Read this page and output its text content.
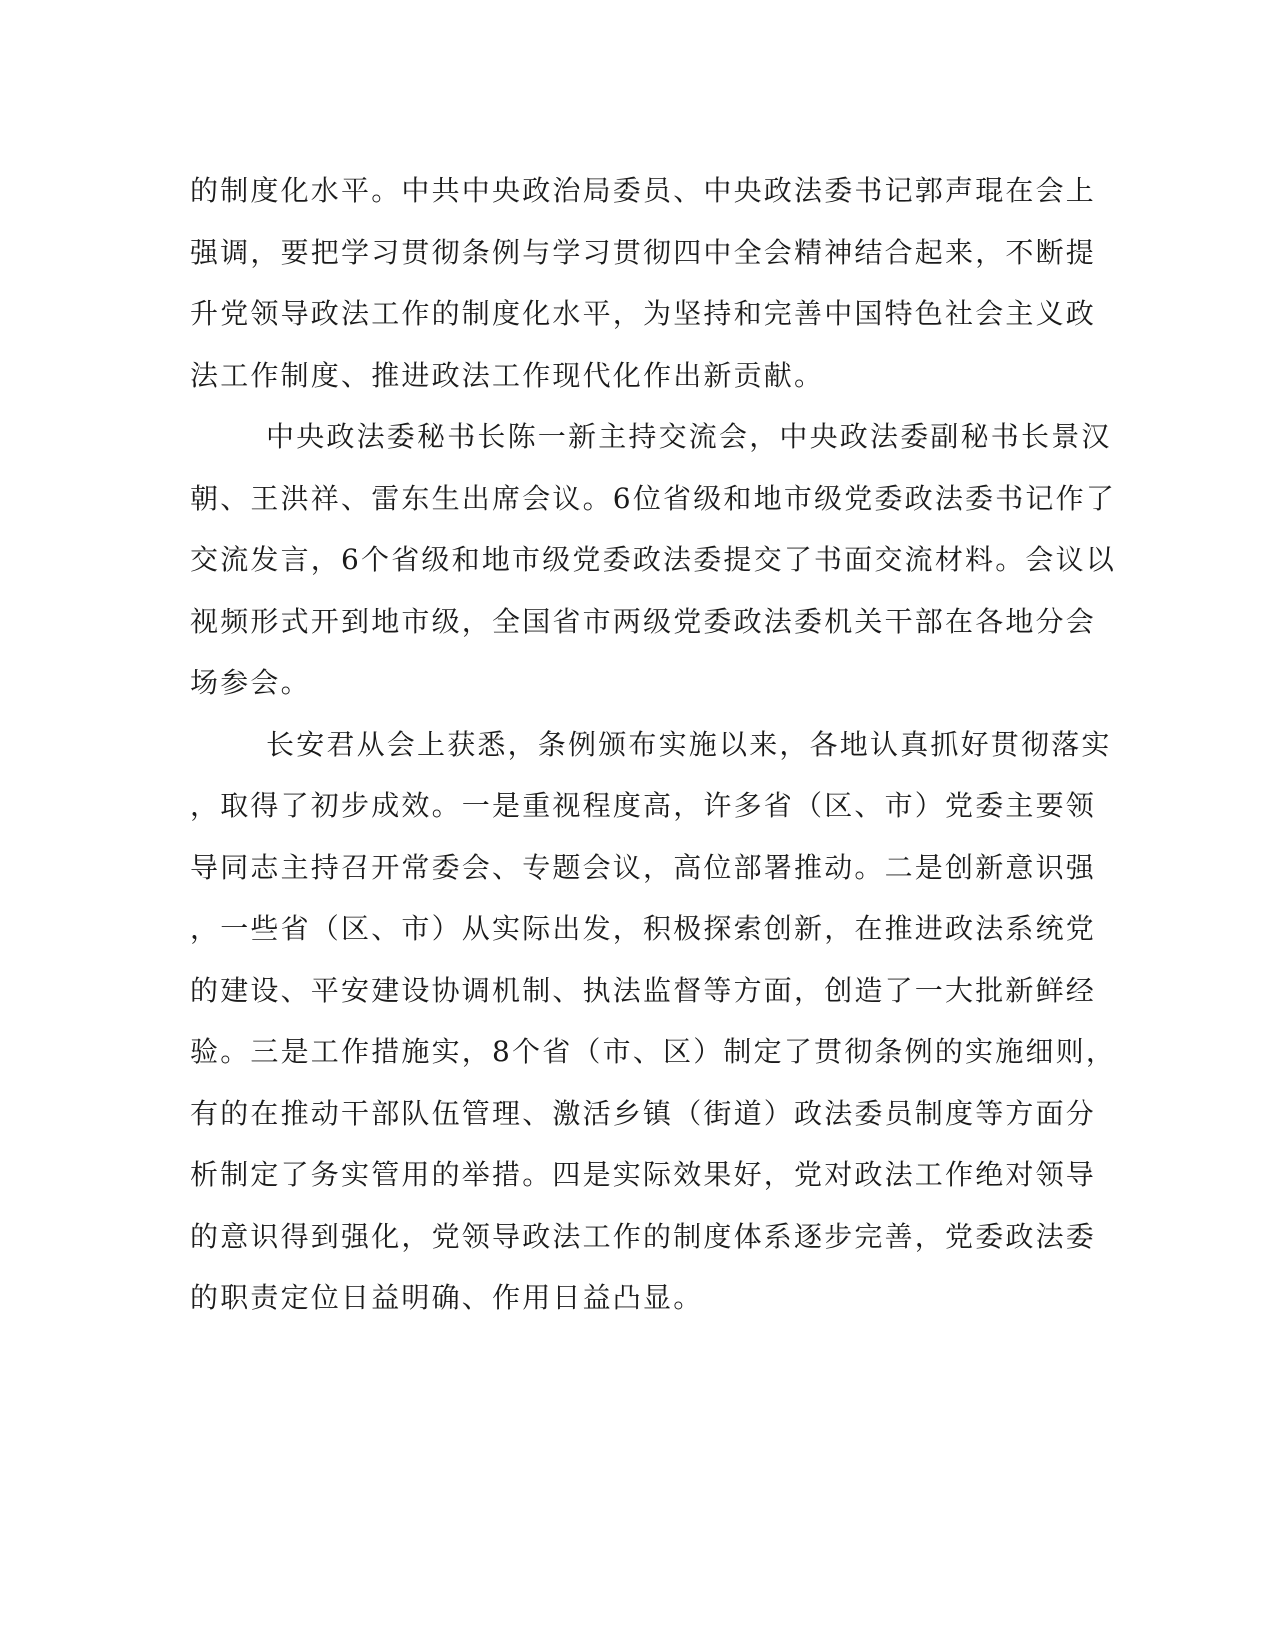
的制度化水平。中共中央政治局委员、中央政法委书记郭声琨在会上
强调，要把学习贯彻条例与学习贯彻四中全会精神结合起来，不断提
升党领导政法工作的制度化水平，为坚持和完善中国特色社会主义政
法工作制度、推进政法工作现代化作出新贡献。

中央政法委秘书长陈一新主持交流会，中央政法委副秘书长景汉
朝、王洪祥、雷东生出席会议。6位省级和地市级党委政法委书记作了
交流发言，6个省级和地市级党委政法委提交了书面交流材料。会议以
视频形式开到地市级，全国省市两级党委政法委机关干部在各地分会
场参会。

长安君从会上获悉，条例颁布实施以来，各地认真抓好贯彻落实
，取得了初步成效。一是重视程度高，许多省（区、市）党委主要领
导同志主持召开常委会、专题会议，高位部署推动。二是创新意识强
，一些省（区、市）从实际出发，积极探索创新，在推进政法系统党
的建设、平安建设协调机制、执法监督等方面，创造了一大批新鲜经
验。三是工作措施实，8个省（市、区）制定了贯彻条例的实施细则，
有的在推动干部队伍管理、激活乡镇（街道）政法委员制度等方面分
析制定了务实管用的举措。四是实际效果好，党对政法工作绝对领导
的意识得到强化，党领导政法工作的制度体系逐步完善，党委政法委
的职责定位日益明确、作用日益凸显。
